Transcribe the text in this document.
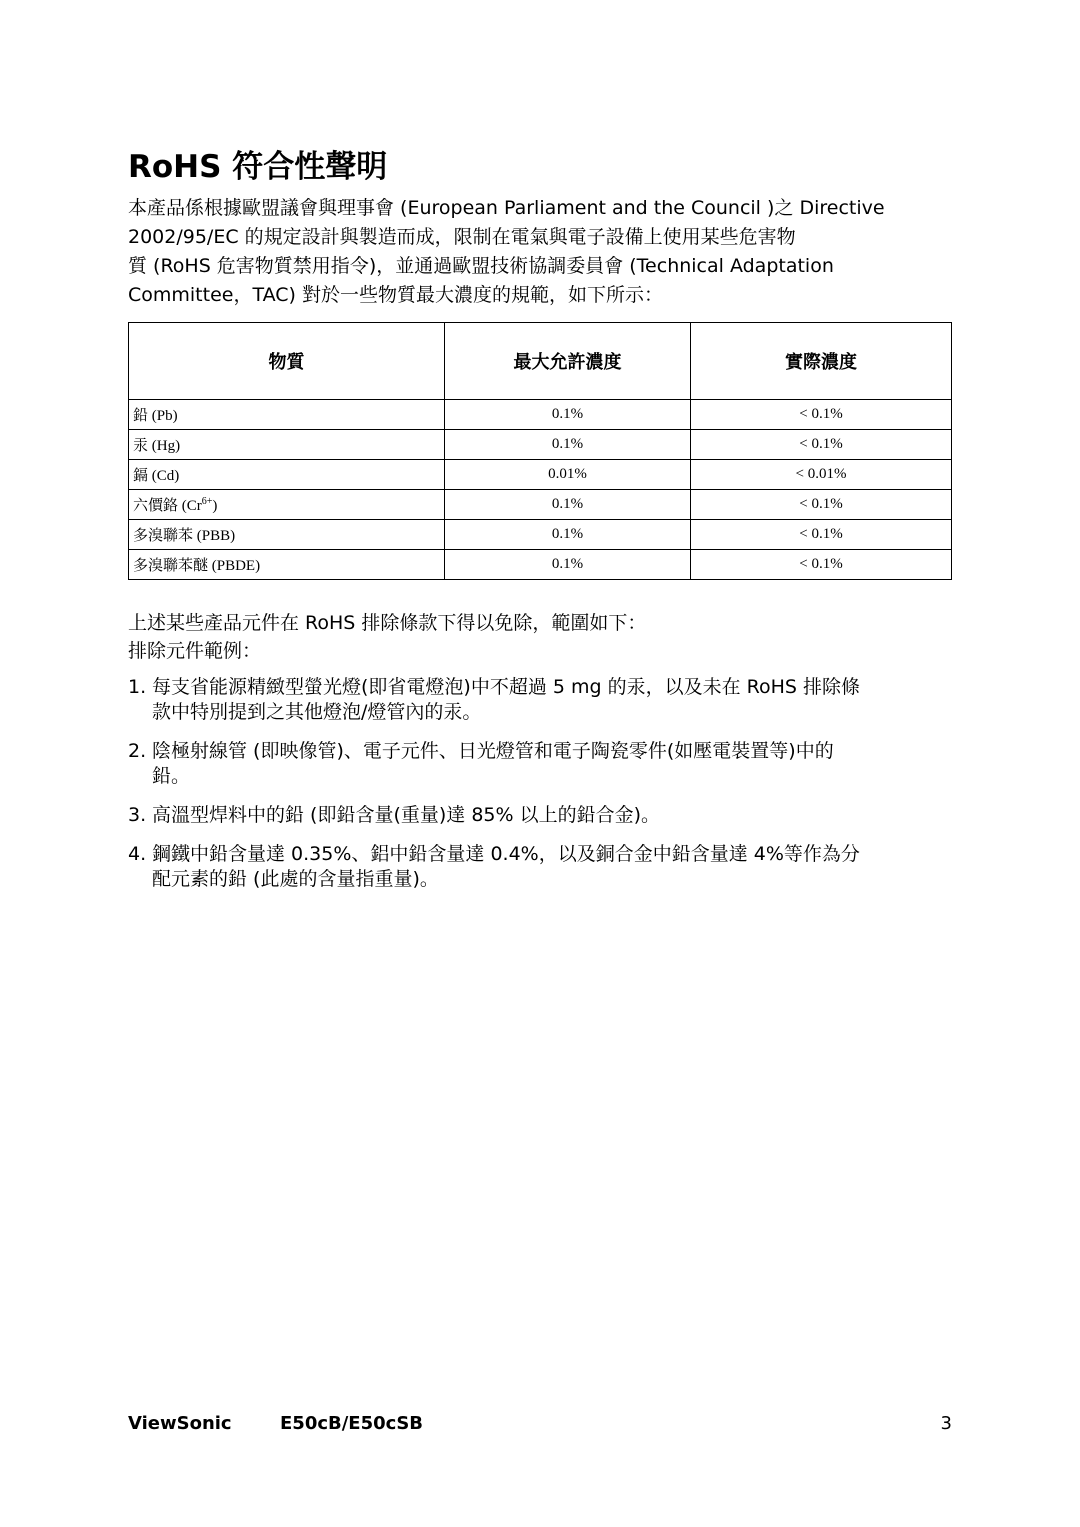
RoHS 符合性聲明
本產品係根據歐盟議會與理事會 (European Parliament and the Council )之 Directive
2002/95/EC 的規定設計與製造而成，限制在電氣與電子設備上使用某些危害物
質 (RoHS 危害物質禁用指令)，並通過歐盟技術協調委員會 (Technical Adaptation
Committee，TAC) 對於一些物質最大濃度的規範，如下所示：
物質	最大允許濃度	實際濃度
鉛 (Pb)	0.1%	< 0.1%
汞 (Hg)	0.1%	< 0.1%
鎘 (Cd)	0.01%	< 0.01%
六價鉻 $(Cr^{6+})$	0.1%	< 0.1%
多溴聯苯 (PBB)	0.1%	< 0.1%
多溴聯苯醚 (PBDE)	0.1%	< 0.1%
上述某些產品元件在 RoHS 排除條款下得以免除，範圍如下：
排除元件範例：
1. 每支省能源精緻型螢光燈(即省電燈泡)中不超過 5 mg 的汞，以及未在 RoHS 排除條
款中特別提到之其他燈泡/燈管內的汞。
2. 陰極射線管 (即映像管)、電子元件、日光燈管和電子陶瓷零件(如壓電裝置等)中的
鉛。
3. 高溫型焊料中的鉛 (即鉛含量(重量)達 85% 以上的鉛合金)。
4. 鋼鐵中鉛含量達 0.35%、鋁中鉛含量達 0.4%，以及銅合金中鉛含量達 4%等作為分
配元素的鉛 (此處的含量指重量)。
ViewSonic	E50cB/E50cSB	3
